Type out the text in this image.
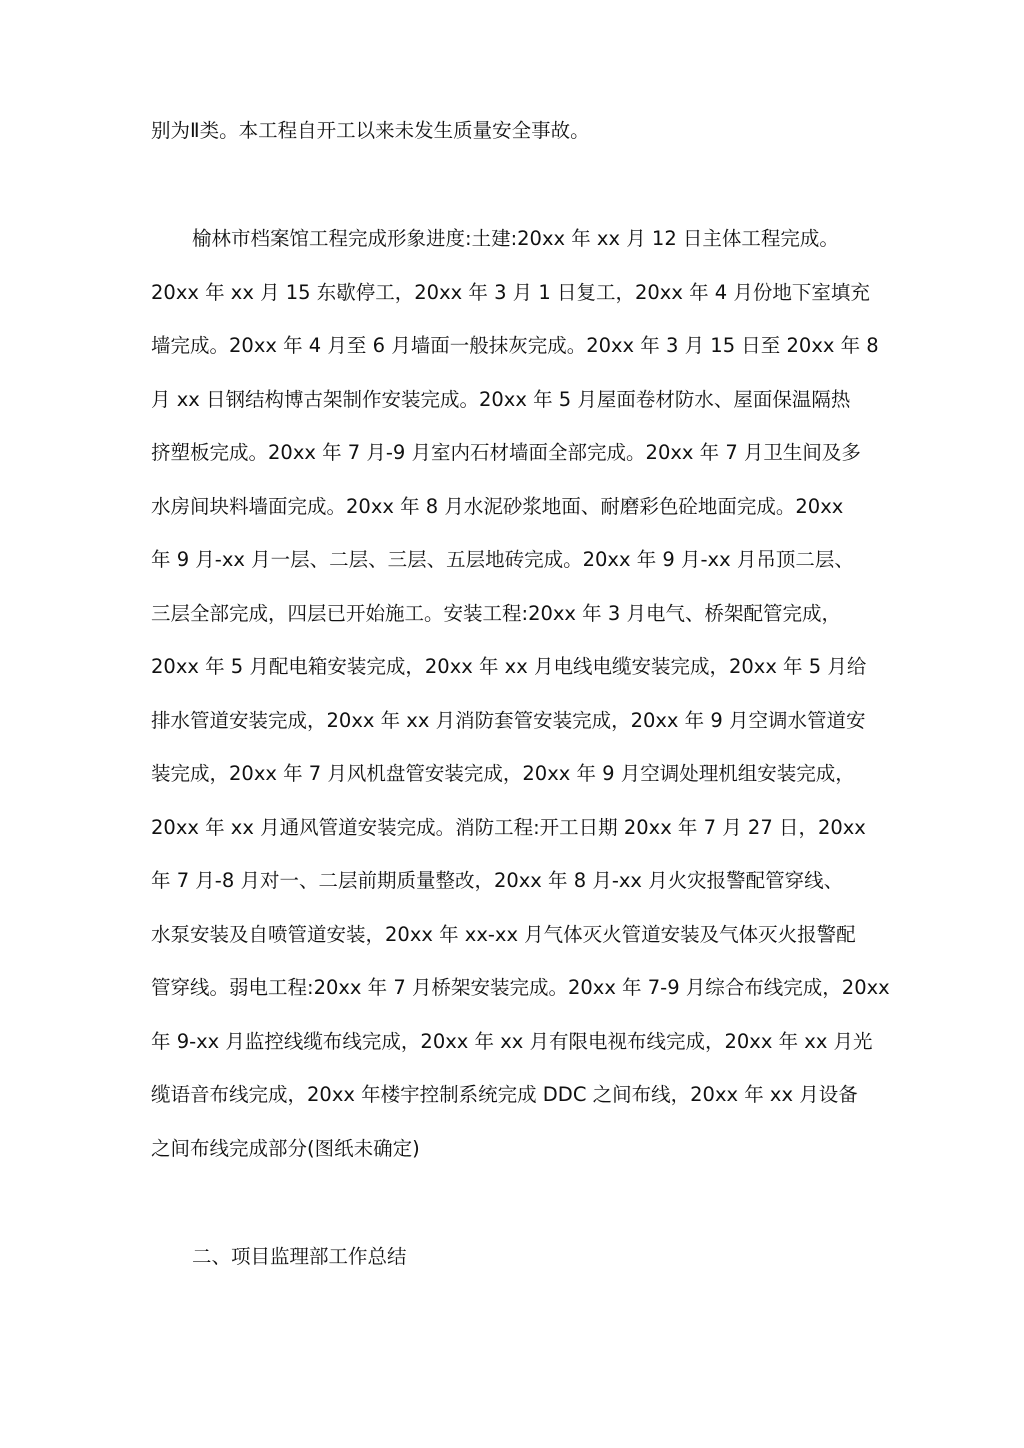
别为Ⅱ类。本工程自开工以来未发生质量安全事故。
榆林市档案馆工程完成形象进度:土建:20xx 年 xx 月 12 日主体工程完成。
20xx 年 xx 月 15 东歇停工，20xx 年 3 月 1 日复工，20xx 年 4 月份地下室填充
墙完成。20xx 年 4 月至 6 月墙面一般抹灰完成。20xx 年 3 月 15 日至 20xx 年 8
月 xx 日钢结构博古架制作安装完成。20xx 年 5 月屋面卷材防水、屋面保温隔热
挤塑板完成。20xx 年 7 月-9 月室内石材墙面全部完成。20xx 年 7 月卫生间及多
水房间块料墙面完成。20xx 年 8 月水泥砂浆地面、耐磨彩色砼地面完成。20xx
年 9 月-xx 月一层、二层、三层、五层地砖完成。20xx 年 9 月-xx 月吊顶二层、
三层全部完成，四层已开始施工。安装工程:20xx 年 3 月电气、桥架配管完成，
20xx 年 5 月配电箱安装完成，20xx 年 xx 月电线电缆安装完成，20xx 年 5 月给
排水管道安装完成，20xx 年 xx 月消防套管安装完成，20xx 年 9 月空调水管道安
装完成，20xx 年 7 月风机盘管安装完成，20xx 年 9 月空调处理机组安装完成，
20xx 年 xx 月通风管道安装完成。消防工程:开工日期 20xx 年 7 月 27 日，20xx
年 7 月-8 月对一、二层前期质量整改，20xx 年 8 月-xx 月火灾报警配管穿线、
水泵安装及自喷管道安装，20xx 年 xx-xx 月气体灭火管道安装及气体灭火报警配
管穿线。弱电工程:20xx 年 7 月桥架安装完成。20xx 年 7-9 月综合布线完成，20xx
年 9-xx 月监控线缆布线完成，20xx 年 xx 月有限电视布线完成，20xx 年 xx 月光
缆语音布线完成，20xx 年楼宇控制系统完成 DDC 之间布线，20xx 年 xx 月设备
之间布线完成部分(图纸未确定)
二、项目监理部工作总结
